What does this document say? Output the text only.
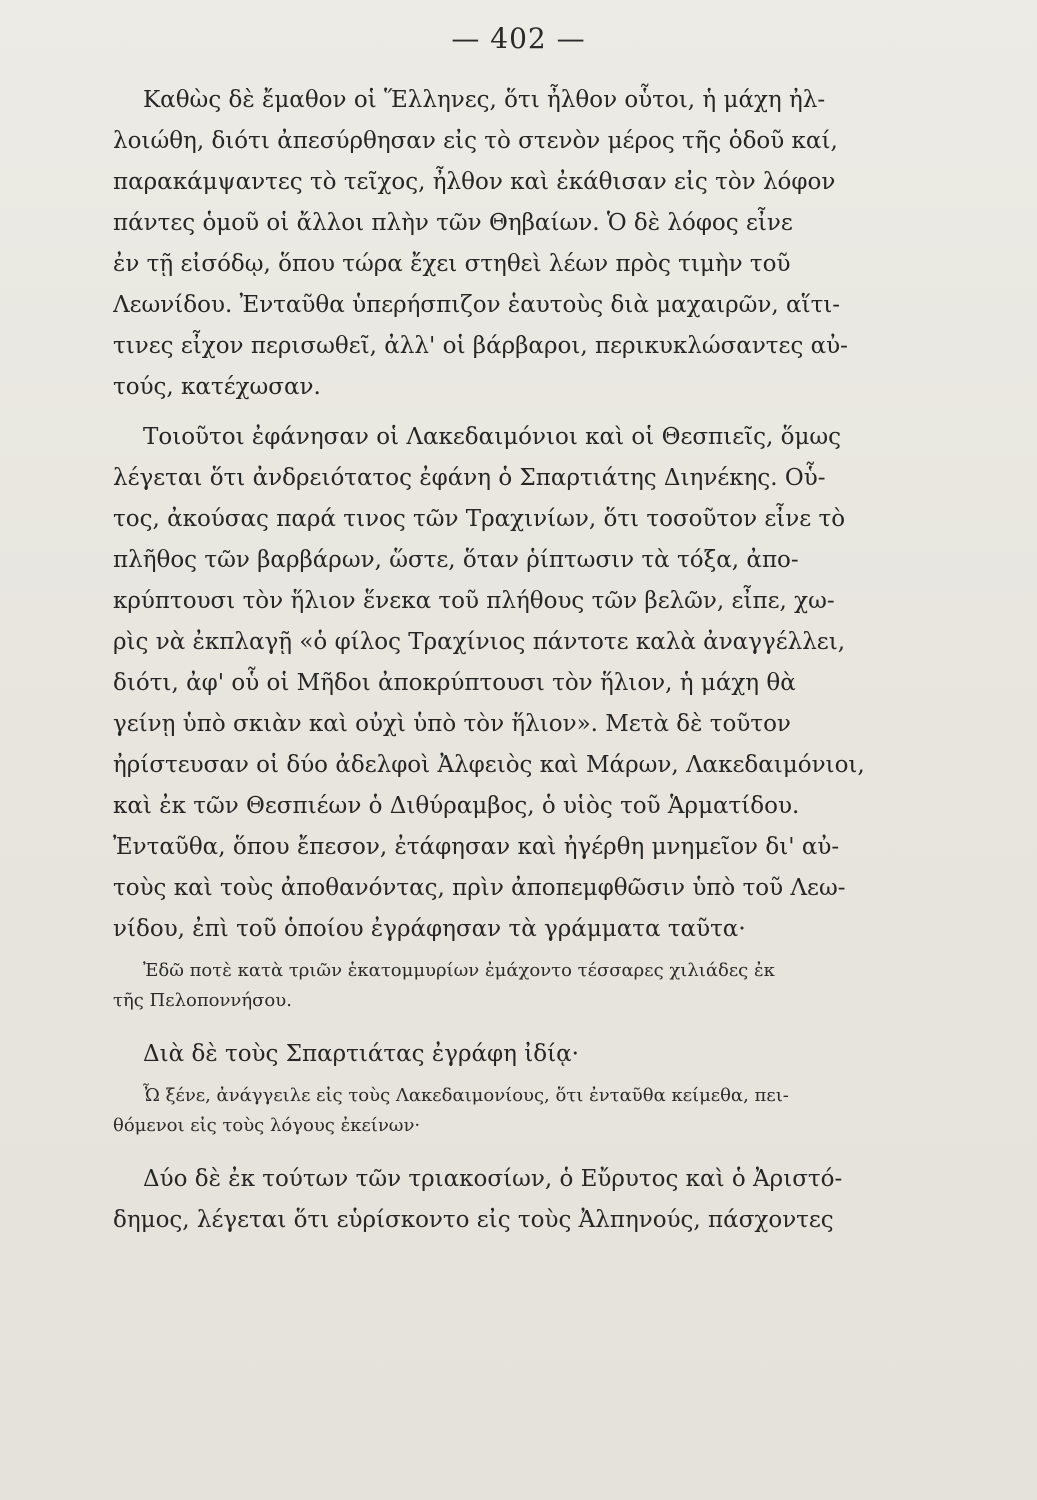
— 402 —
Καθὼς δὲ ἔμαθον οἱ Ἕλληνες, ὅτι ἦλθον οὗτοι, ἡ μάχη ἠλ-
λοιώθη, διότι ἀπεσύρθησαν εἰς τὸ στενὸν μέρος τῆς ὁδοῦ καί,
παρακάμψαντες τὸ τεῖχος, ἦλθον καὶ ἐκάθισαν εἰς τὸν λόφον
πάντες ὁμοῦ οἱ ἄλλοι πλὴν τῶν Θηβαίων. Ὁ δὲ λόφος εἶνε
ἐν τῇ εἰσόδῳ, ὅπου τώρα ἔχει στηθεὶ λέων πρὸς τιμὴν τοῦ
Λεωνίδου. Ἐνταῦθα ὑπερήσπιζον ἑαυτοὺς διὰ μαχαιρῶν, αἵτι-
τινες εἶχον περισωθεῖ, ἀλλ' οἱ βάρβαροι, περικυκλώσαντες αὐ-
τούς, κατέχωσαν.
Τοιοῦτοι ἐφάνησαν οἱ Λακεδαιμόνιοι καὶ οἱ Θεσπιεῖς, ὅμως
λέγεται ὅτι ἀνδρειότατος ἐφάνη ὁ Σπαρτιάτης Διηνέκης. Οὗ-
τος, ἀκούσας παρά τινος τῶν Τραχινίων, ὅτι τοσοῦτον εἶνε τὸ
πλῆθος τῶν βαρβάρων, ὥστε, ὅταν ῥίπτωσιν τὰ τόξα, ἀπο-
κρύπτουσι τὸν ἥλιον ἕνεκα τοῦ πλήθους τῶν βελῶν, εἶπε, χω-
ρὶς νὰ ἐκπλαγῇ «ὁ φίλος Τραχίνιος πάντοτε καλὰ ἀναγγέλλει,
διότι, ἀφ' οὗ οἱ Μῆδοι ἀποκρύπτουσι τὸν ἥλιον, ἡ μάχη θὰ
γείνῃ ὑπὸ σκιὰν καὶ οὐχὶ ὑπὸ τὸν ἥλιον». Μετὰ δὲ τοῦτον
ἠρίστευσαν οἱ δύο ἀδελφοὶ Ἀλφειὸς καὶ Μάρων, Λακεδαιμόνιοι,
καὶ ἐκ τῶν Θεσπιέων ὁ Διθύραμβος, ὁ υἱὸς τοῦ Ἁρματίδου.
Ἐνταῦθα, ὅπου ἔπεσον, ἐτάφησαν καὶ ἠγέρθη μνημεῖον δι' αὐ-
τοὺς καὶ τοὺς ἀποθανόντας, πρὶν ἀποπεμφθῶσιν ὑπὸ τοῦ Λεω-
νίδου, ἐπὶ τοῦ ὁποίου ἐγράφησαν τὰ γράμματα ταῦτα·
Ἐδῶ ποτὲ κατὰ τριῶν ἑκατομμυρίων ἐμάχοντο τέσσαρες χιλιάδες ἐκ
τῆς Πελοποννήσου.
Διὰ δὲ τοὺς Σπαρτιάτας ἐγράφη ἰδίᾳ·
Ὦ ξένε, ἀνάγγειλε εἰς τοὺς Λακεδαιμονίους, ὅτι ἐνταῦθα κείμεθα, πει-
θόμενοι εἰς τοὺς λόγους ἐκείνων·
Δύο δὲ ἐκ τούτων τῶν τριακοσίων, ὁ Εὔρυτος καὶ ὁ Ἀριστό-
δημος, λέγεται ὅτι εὑρίσκοντο εἰς τοὺς Ἀλπηνούς, πάσχοντες
